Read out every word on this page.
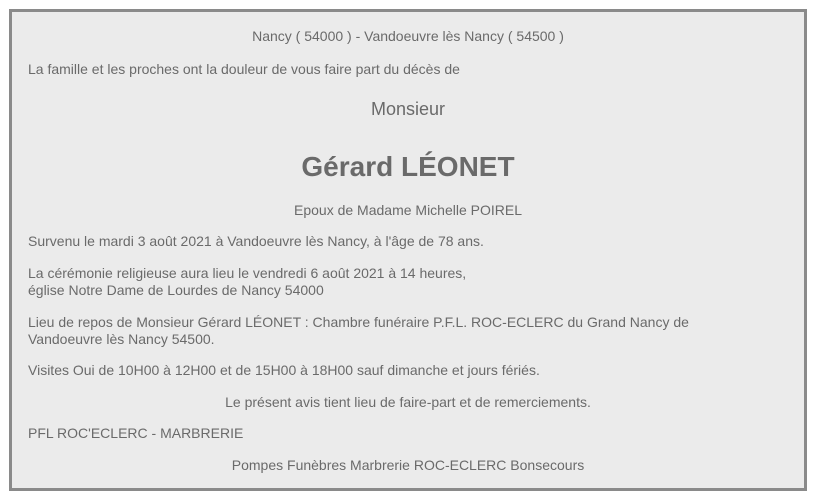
Nancy ( 54000 ) - Vandoeuvre lès Nancy ( 54500 )
La famille et les proches ont la douleur de vous faire part du décès de
Monsieur
Gérard LÉONET
Epoux de Madame Michelle POIREL
Survenu le mardi 3 août 2021 à Vandoeuvre lès Nancy, à l'âge de 78 ans.
La cérémonie religieuse aura lieu le vendredi 6 août 2021 à 14 heures,
église Notre Dame de Lourdes de Nancy 54000
Lieu de repos de Monsieur Gérard LÉONET : Chambre funéraire P.F.L. ROC-ECLERC du Grand Nancy de
Vandoeuvre lès Nancy 54500.
Visites Oui de 10H00 à 12H00 et de 15H00 à 18H00 sauf dimanche et jours fériés.
Le présent avis tient lieu de faire-part et de remerciements.
PFL ROC'ECLERC - MARBRERIE
Pompes Funèbres Marbrerie ROC-ECLERC Bonsecours
